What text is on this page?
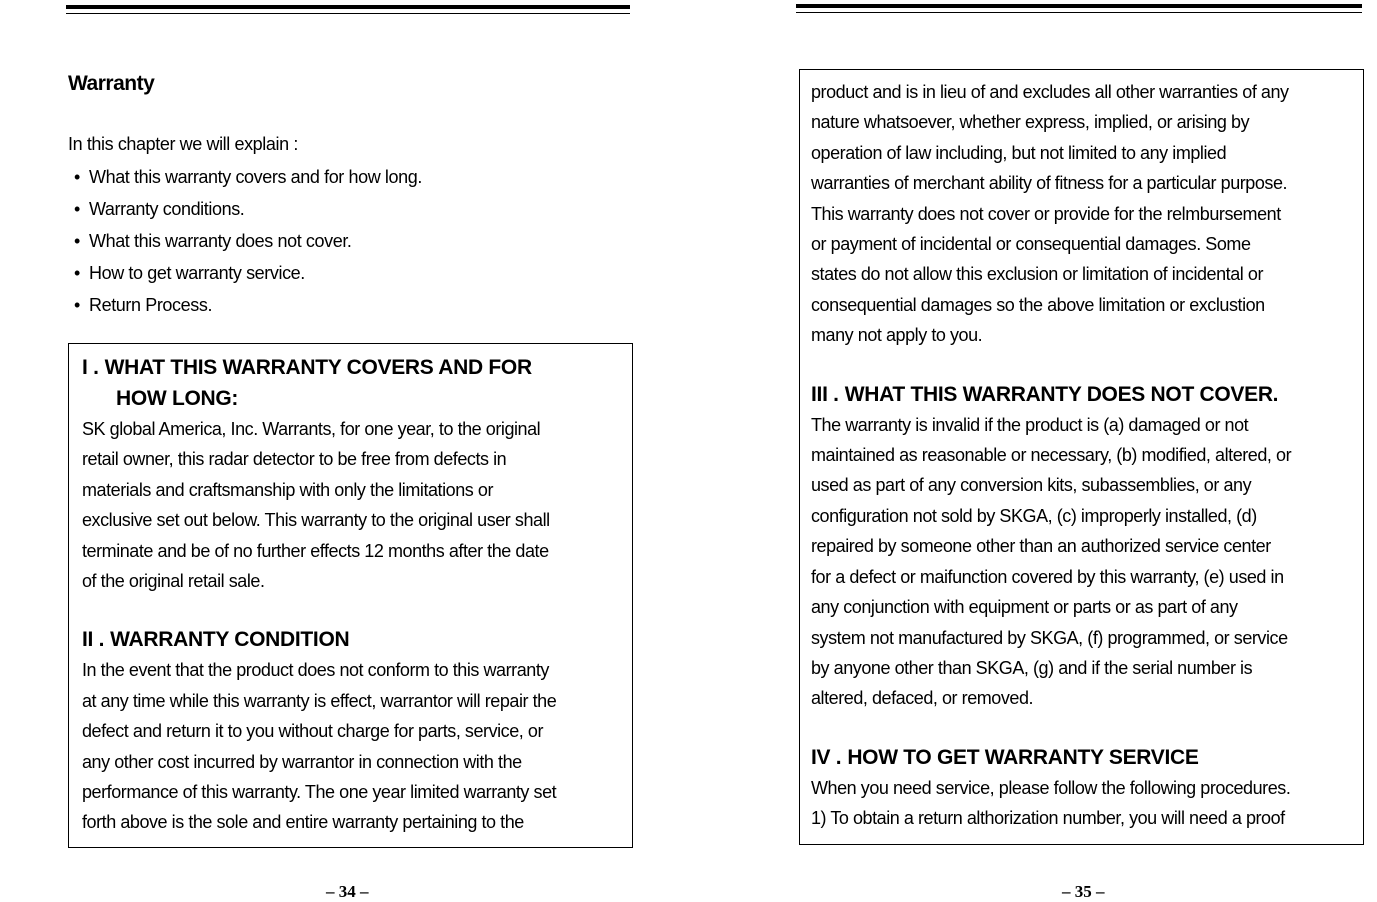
Warranty
In this chapter we will explain :
• What this warranty covers and for how long.
• Warranty conditions.
• What this warranty does not cover.
• How to get warranty service.
• Return Process.
I . WHAT THIS WARRANTY COVERS AND FOR
HOW LONG:
SK global America, Inc. Warrants, for one year, to the original
retail owner, this radar detector to be free from defects in
materials and craftsmanship with only the limitations or
exclusive set out below. This warranty to the original user shall
terminate and be of no further effects 12 months after the date
of the original retail sale.
II . WARRANTY CONDITION
In the event that the product does not conform to this warranty
at any time while this warranty is effect, warrantor will repair the
defect and return it to you without charge for parts, service, or
any other cost incurred by warrantor in connection with the
performance of this warranty. The one year limited warranty set
forth above is the sole and entire warranty pertaining to the
– 34 –
product and is in lieu of and excludes all other warranties of any
nature whatsoever, whether express, implied, or arising by
operation of law including, but not limited to any implied
warranties of merchant ability of fitness for a particular purpose.
This warranty does not cover or provide for the relmbursement
or payment of incidental or consequential damages. Some
states do not allow this exclusion or limitation of incidental or
consequential damages so the above limitation or exclustion
many not apply to you.
III . WHAT THIS WARRANTY DOES NOT COVER.
The warranty is invalid if the product is (a) damaged or not
maintained as reasonable or necessary, (b) modified, altered, or
used as part of any conversion kits, subassemblies, or any
configuration not sold by SKGA, (c) improperly installed, (d)
repaired by someone other than an authorized service center
for a defect or maifunction covered by this warranty, (e) used in
any conjunction with equipment or parts or as part of any
system not manufactured by SKGA, (f) programmed, or service
by anyone other than SKGA, (g) and if the serial number is
altered, defaced, or removed.
IV . HOW TO GET WARRANTY SERVICE
When you need service, please follow the following procedures.
1) To obtain a return althorization number, you will need a proof
– 35 –
